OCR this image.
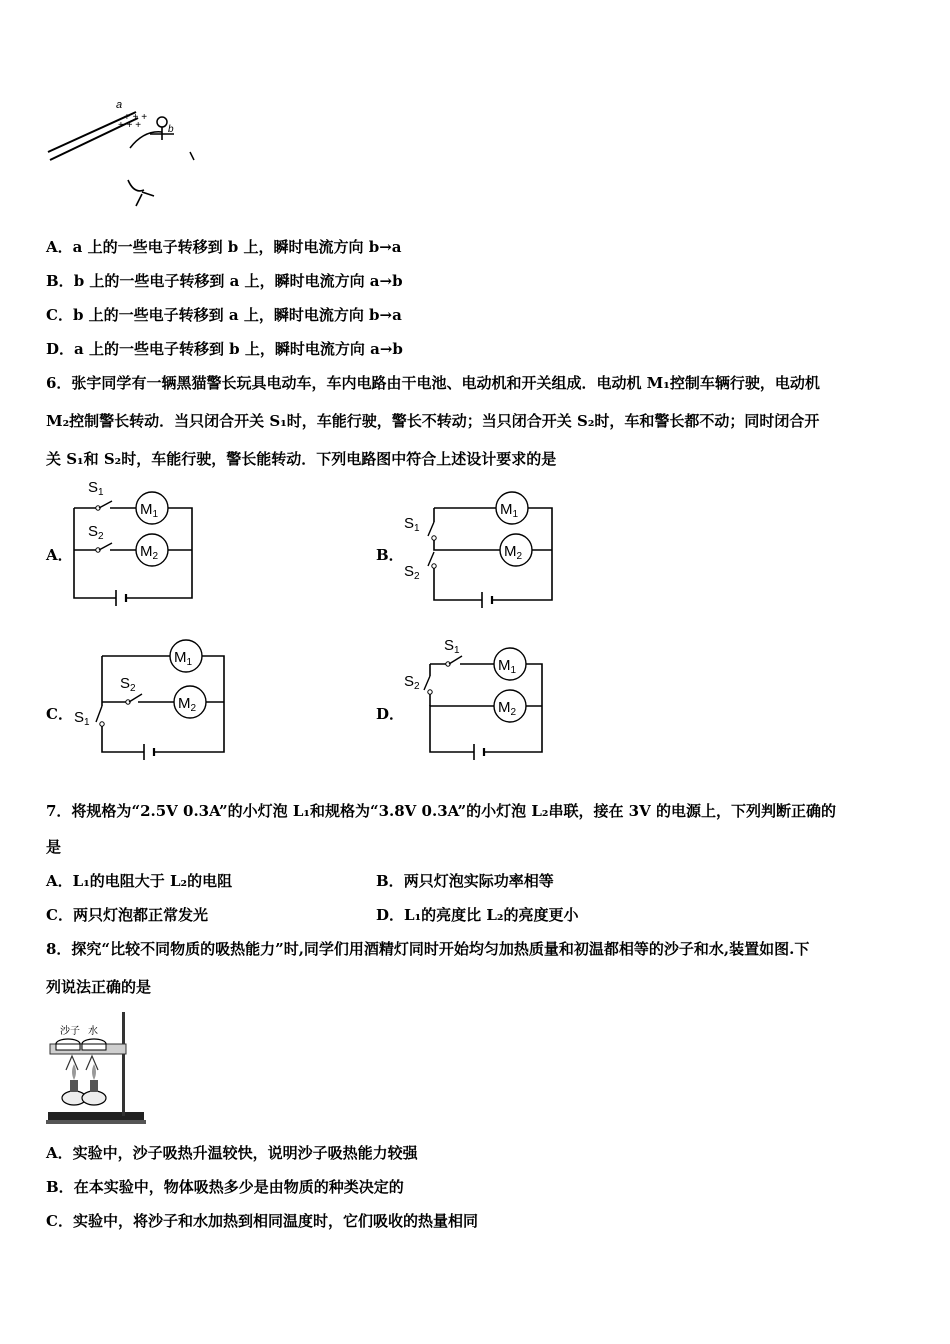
a
+ + +
+ + +	b
A．a 上的一些电子转移到 b 上，瞬时电流方向 b→a
B．b 上的一些电子转移到 a 上，瞬时电流方向 a→b
C．b 上的一些电子转移到 a 上，瞬时电流方向 b→a
D．a 上的一些电子转移到 b 上，瞬时电流方向 a→b
6．张宇同学有一辆黑猫警长玩具电动车，车内电路由干电池、电动机和开关组成．电动机 M₁控制车辆行驶，电动机
M₂控制警长转动．当只闭合开关 S₁时，车能行驶，警长不转动；当只闭合开关 S₂时，车和警长都不动；同时闭合开
关 S₁和 S₂时，车能行驶，警长能转动．下列电路图中符合上述设计要求的是
A．	B．
C．	D．
$M_1$
$S_1$
$M_2$
$S_2$
$M_1$
$M_2$
$S_1$
$S_2$
$M_1$
$M_2$
$S_2$
$S_1$
$M_1$
$M_2$
$S_1$
$S_2$
7．将规格为“2.5V 0.3A”的小灯泡 L₁和规格为“3.8V 0.3A”的小灯泡 L₂串联，接在 3V 的电源上，下列判断正确的
是
A．L₁的电阻大于 L₂的电阻	B．两只灯泡实际功率相等
C．两只灯泡都正常发光	D．L₁的亮度比 L₂的亮度更小
8．探究“比较不同物质的吸热能力”时,同学们用酒精灯同时开始均匀加热质量和初温都相等的沙子和水,装置如图.下
列说法正确的是
沙子 水
A．实验中，沙子吸热升温较快，说明沙子吸热能力较强
B．在本实验中，物体吸热多少是由物质的种类决定的
C．实验中，将沙子和水加热到相同温度时，它们吸收的热量相同
